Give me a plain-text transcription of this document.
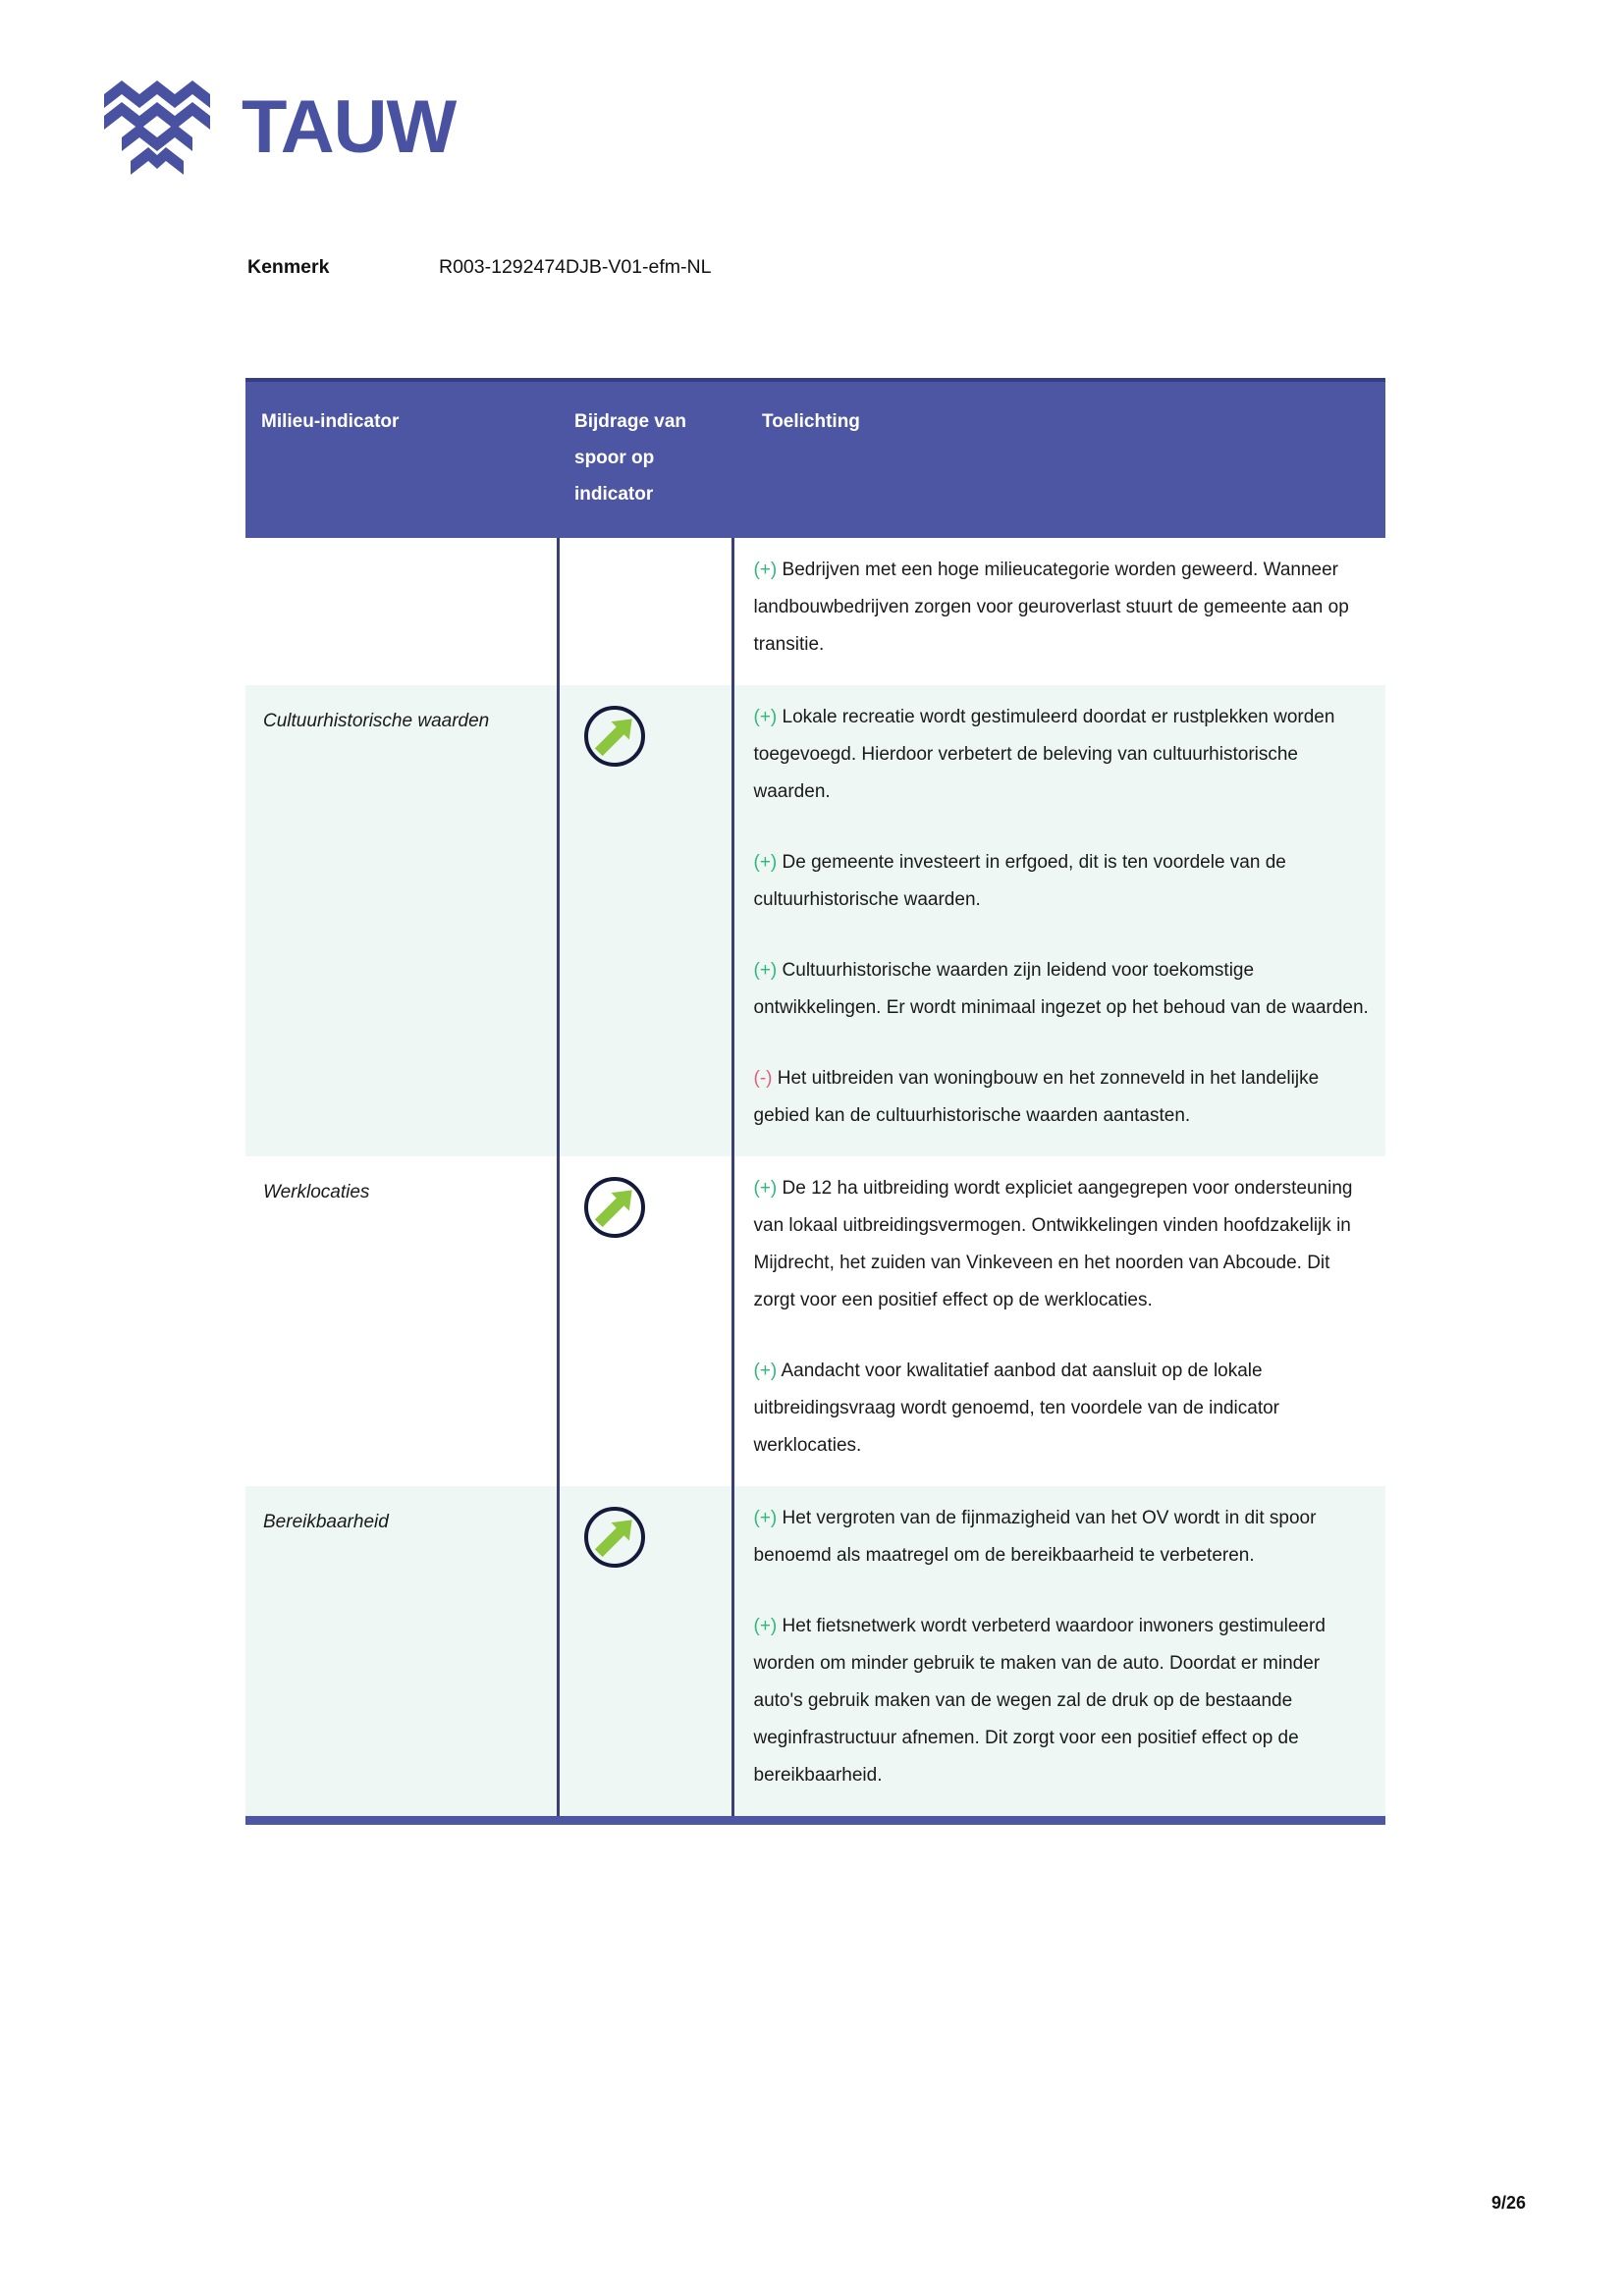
TAUW
Kenmerk	R003-1292474DJB-V01-efm-NL
Milieu-indicator	Bijdrage van spoor op indicator	Toelichting

		(+) Bedrijven met een hoge milieucategorie worden geweerd. Wanneer landbouwbedrijven zorgen voor geuroverlast stuurt de gemeente aan op transitie.

Cultuurhistorische waarden		(+) Lokale recreatie wordt gestimuleerd doordat er rustplekken worden toegevoegd. Hierdoor verbetert de beleving van cultuurhistorische waarden.
(+) De gemeente investeert in erfgoed, dit is ten voordele van de cultuurhistorische waarden.
(+) Cultuurhistorische waarden zijn leidend voor toekomstige ontwikkelingen. Er wordt minimaal ingezet op het behoud van de waarden.
(-) Het uitbreiden van woningbouw en het zonneveld in het landelijke gebied kan de cultuurhistorische waarden aantasten.

Werklocaties		(+) De 12 ha uitbreiding wordt expliciet aangegrepen voor ondersteuning van lokaal uitbreidingsvermogen. Ontwikkelingen vinden hoofdzakelijk in Mijdrecht, het zuiden van Vinkeveen en het noorden van Abcoude. Dit zorgt voor een positief effect op de werklocaties.
(+) Aandacht voor kwalitatief aanbod dat aansluit op de lokale uitbreidingsvraag wordt genoemd, ten voordele van de indicator werklocaties.

Bereikbaarheid		(+) Het vergroten van de fijnmazigheid van het OV wordt in dit spoor benoemd als maatregel om de bereikbaarheid te verbeteren.
(+) Het fietsnetwerk wordt verbeterd waardoor inwoners gestimuleerd worden om minder gebruik te maken van de auto. Doordat er minder auto's gebruik maken van de wegen zal de druk op de bestaande weginfrastructuur afnemen. Dit zorgt voor een positief effect op de bereikbaarheid.
9/26
